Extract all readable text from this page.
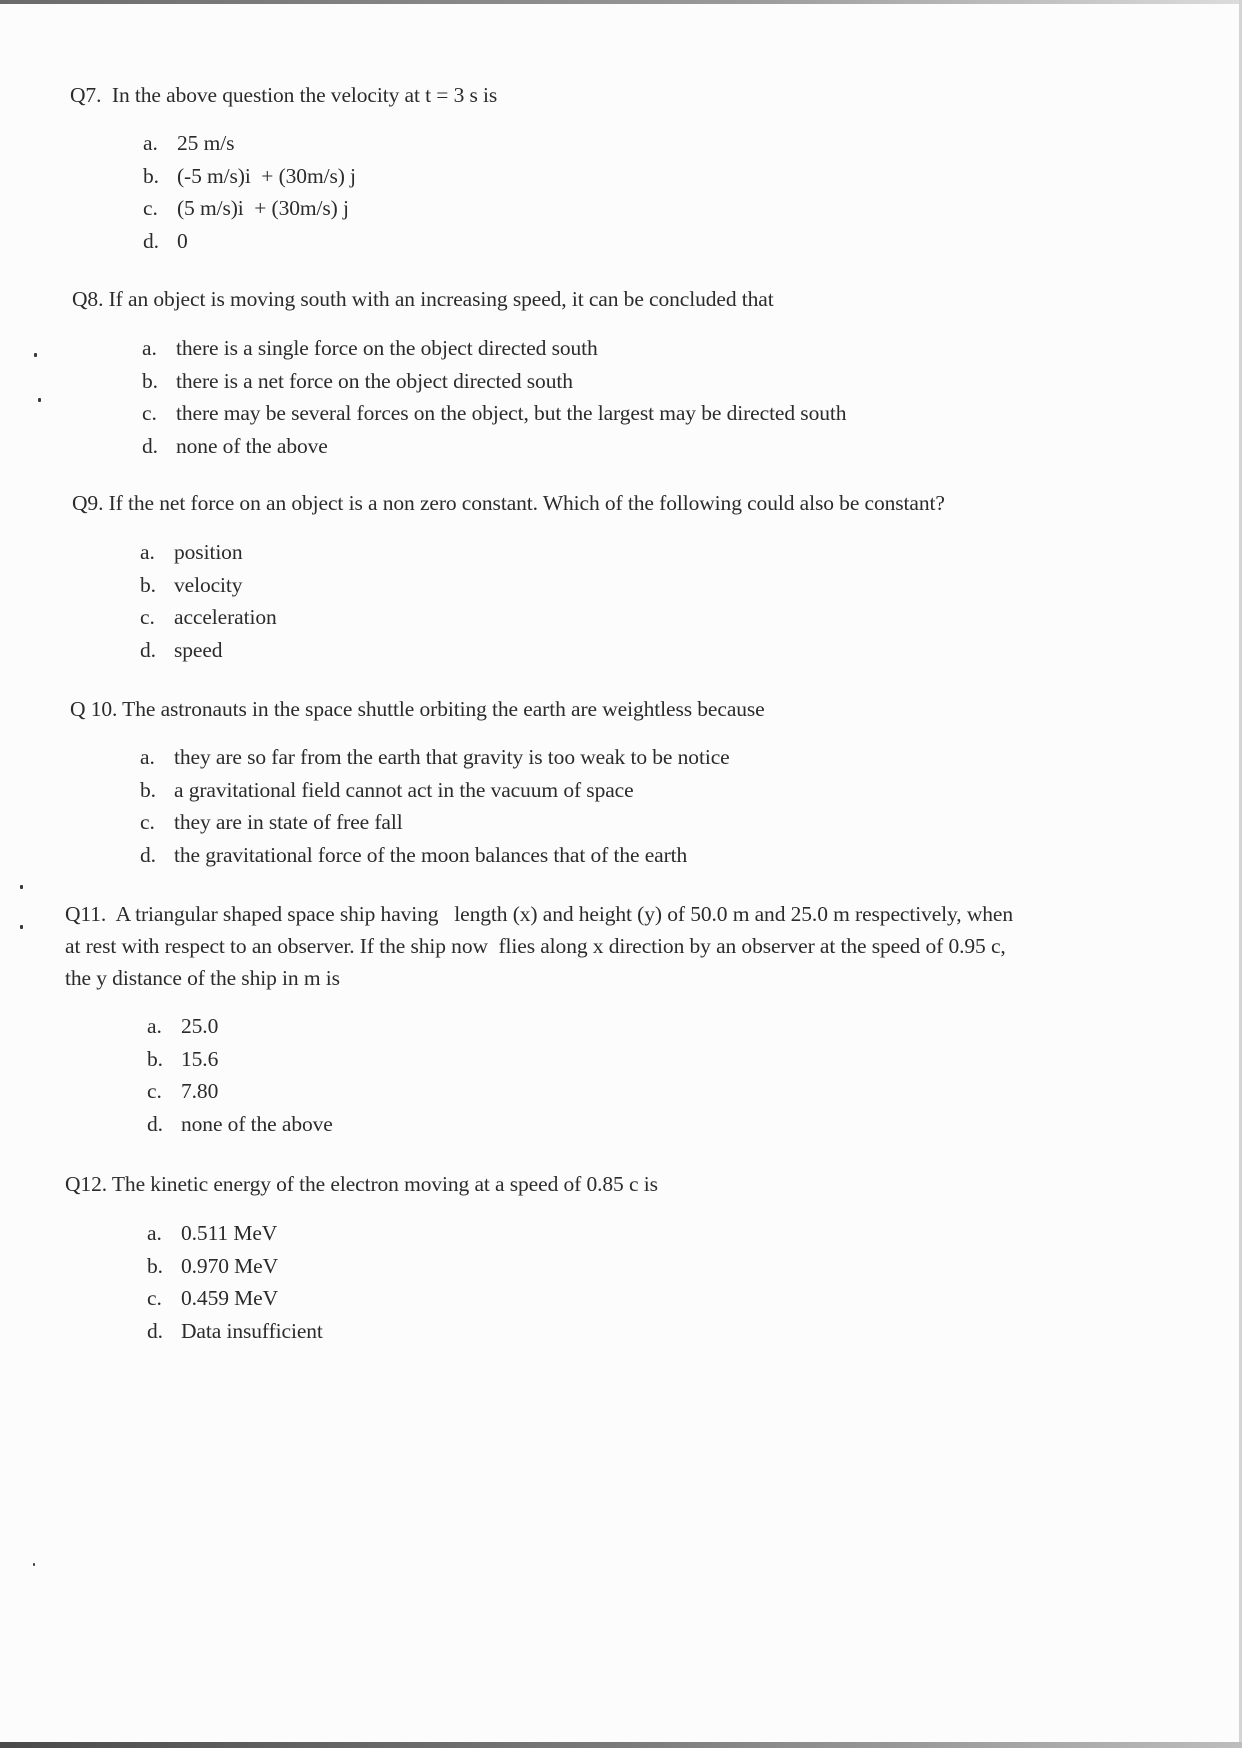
Q7.  In the above question the velocity at t = 3 s is

a. 25 m/s
b. (-5 m/s)i  + (30m/s) j
c. (5 m/s)i  + (30m/s) j
d. 0

Q8. If an object is moving south with an increasing speed, it can be concluded that

a. there is a single force on the object directed south
b. there is a net force on the object directed south
c. there may be several forces on the object, but the largest may be directed south
d. none of the above

Q9. If the net force on an object is a non zero constant. Which of the following could also be constant?

a. position
b. velocity
c. acceleration
d. speed

Q 10. The astronauts in the space shuttle orbiting the earth are weightless because

a. they are so far from the earth that gravity is too weak to be notice
b. a gravitational field cannot act in the vacuum of space
c. they are in state of free fall
d. the gravitational force of the moon balances that of the earth

Q11.  A triangular shaped space ship having   length (x) and height (y) of 50.0 m and 25.0 m respectively, when

at rest with respect to an observer. If the ship now  flies along x direction by an observer at the speed of 0.95 c,

the y distance of the ship in m is

a. 25.0
b. 15.6
c. 7.80
d. none of the above

Q12. The kinetic energy of the electron moving at a speed of 0.85 c is

a. 0.511 MeV
b. 0.970 MeV
c. 0.459 MeV
d. Data insufficient
